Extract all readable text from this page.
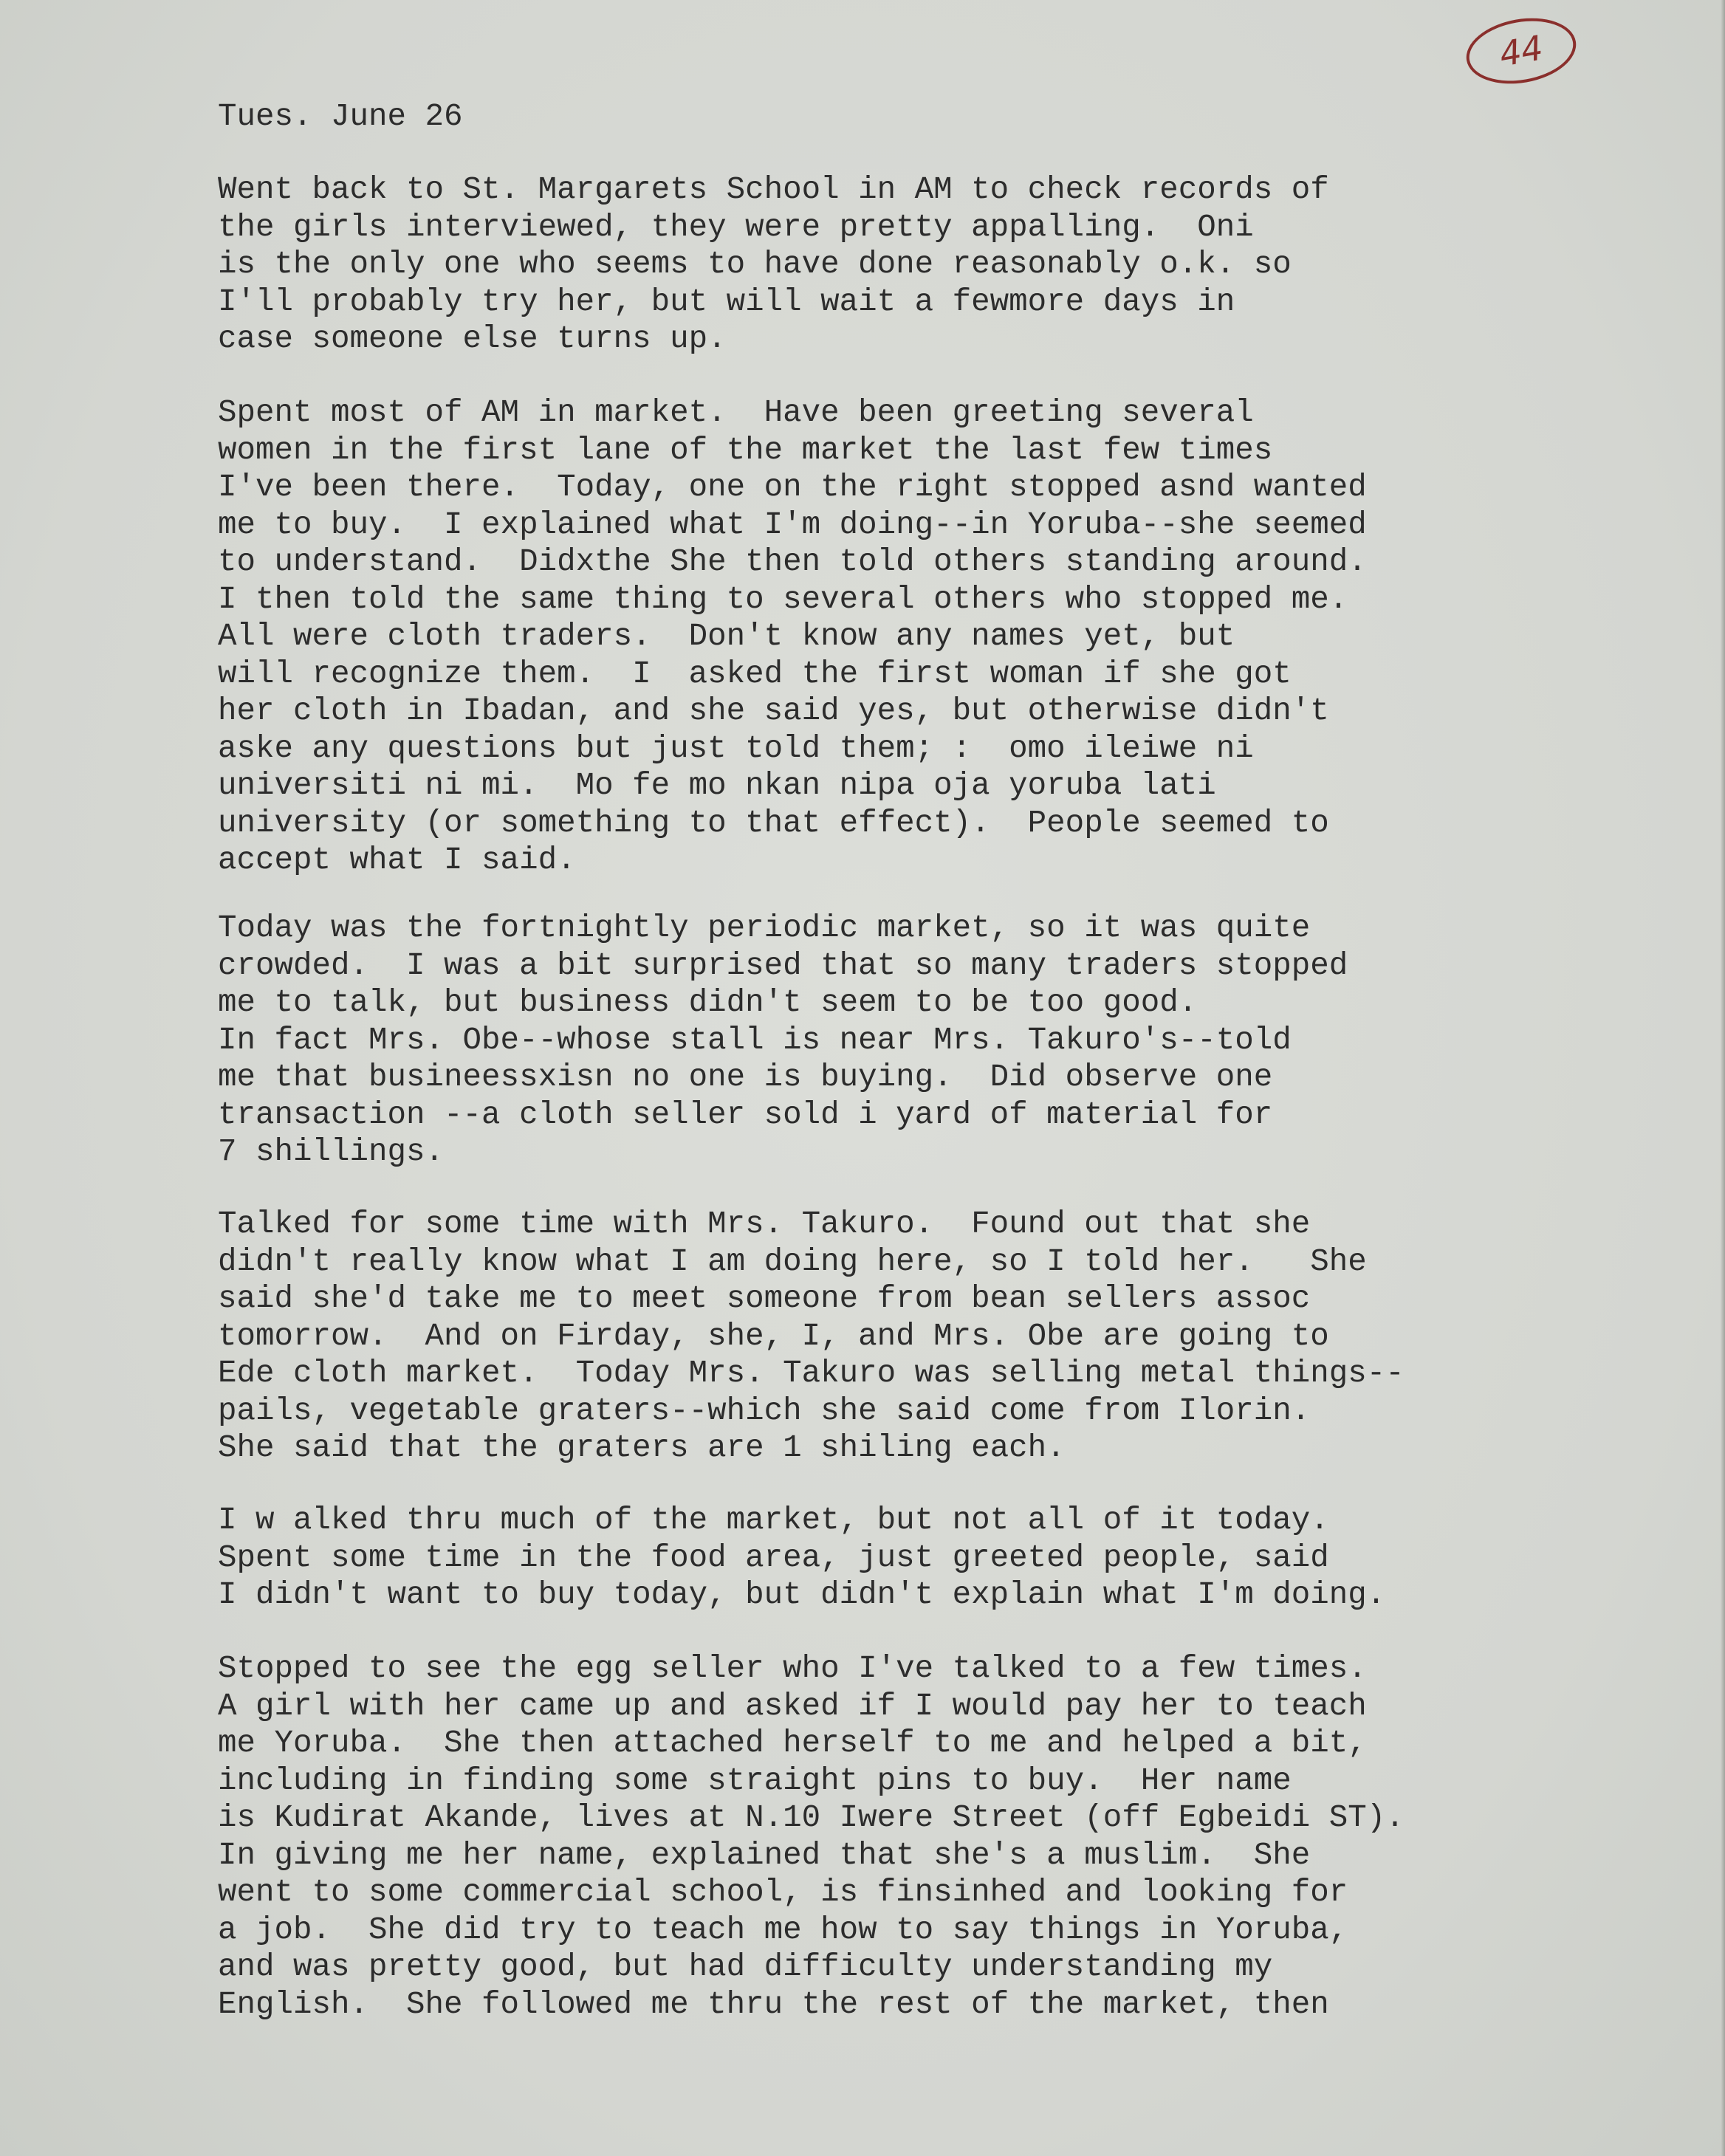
44
Tues. June 26
Went back to St. Margarets School in AM to check records of
the girls interviewed, they were pretty appalling.  Oni
is the only one who seems to have done reasonably o.k. so
I'll probably try her, but will wait a fewmore days in
case someone else turns up.
Spent most of AM in market.  Have been greeting several
women in the first lane of the market the last few times
I've been there.  Today, one on the right stopped asnd wanted
me to buy.  I explained what I'm doing--in Yoruba--she seemed
to understand.  Didxthe She then told others standing around.
I then told the same thing to several others who stopped me.
All were cloth traders.  Don't know any names yet, but
will recognize them.  I  asked the first woman if she got
her cloth in Ibadan, and she said yes, but otherwise didn't
aske any questions but just told them; :  omo ileiwe ni
universiti ni mi.  Mo fe mo nkan nipa oja yoruba lati
university (or something to that effect).  People seemed to
accept what I said.
Today was the fortnightly periodic market, so it was quite
crowded.  I was a bit surprised that so many traders stopped
me to talk, but business didn't seem to be too good.
In fact Mrs. Obe--whose stall is near Mrs. Takuro's--told
me that busineessxisn no one is buying.  Did observe one
transaction --a cloth seller sold i yard of material for
7 shillings.
Talked for some time with Mrs. Takuro.  Found out that she
didn't really know what I am doing here, so I told her.   She
said she'd take me to meet someone from bean sellers assoc
tomorrow.  And on Firday, she, I, and Mrs. Obe are going to
Ede cloth market.  Today Mrs. Takuro was selling metal things--
pails, vegetable graters--which she said come from Ilorin.
She said that the graters are 1 shiling each.
I w alked thru much of the market, but not all of it today.
Spent some time in the food area, just greeted people, said
I didn't want to buy today, but didn't explain what I'm doing.
Stopped to see the egg seller who I've talked to a few times.
A girl with her came up and asked if I would pay her to teach
me Yoruba.  She then attached herself to me and helped a bit,
including in finding some straight pins to buy.  Her name
is Kudirat Akande, lives at N.10 Iwere Street (off Egbeidi ST).
In giving me her name, explained that she's a muslim.  She
went to some commercial school, is finsinhed and looking for
a job.  She did try to teach me how to say things in Yoruba,
and was pretty good, but had difficulty understanding my
English.  She followed me thru the rest of the market, then
